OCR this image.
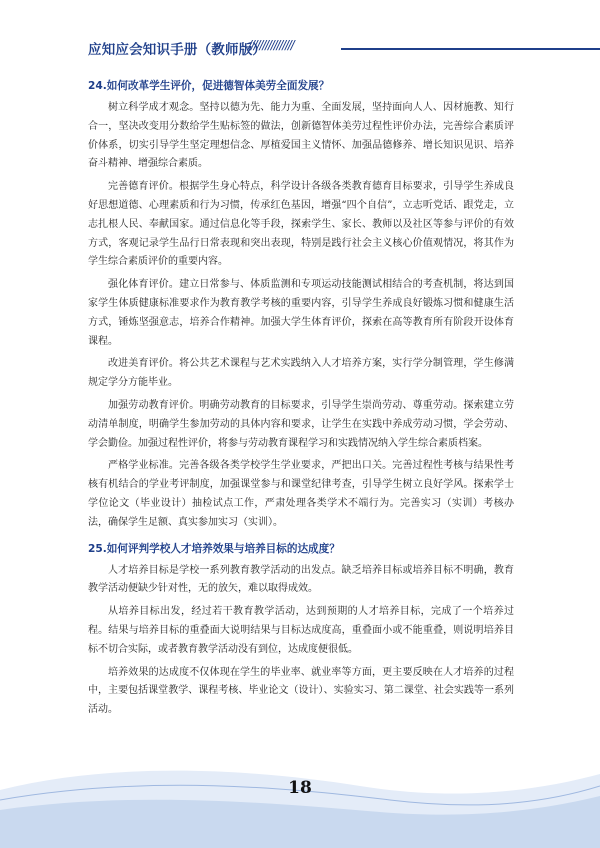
应知应会知识手册（教师版）
////////////////
24.如何改革学生评价，促进德智体美劳全面发展？

树立科学成才观念。坚持以德为先、能力为重、全面发展，坚持面向人人、因材施教、知行合一，坚决改变用分数给学生贴标签的做法，创新德智体美劳过程性评价办法，完善综合素质评价体系，切实引导学生坚定理想信念、厚植爱国主义情怀、加强品德修养、增长知识见识、培养奋斗精神、增强综合素质。

完善德育评价。根据学生身心特点，科学设计各级各类教育德育目标要求，引导学生养成良好思想道德、心理素质和行为习惯，传承红色基因，增强“四个自信”，立志听党话、跟党走，立志扎根人民、奉献国家。通过信息化等手段，探索学生、家长、教师以及社区等参与评价的有效方式，客观记录学生品行日常表现和突出表现，特别是践行社会主义核心价值观情况，将其作为学生综合素质评价的重要内容。

强化体育评价。建立日常参与、体质监测和专项运动技能测试相结合的考查机制，将达到国家学生体质健康标准要求作为教育教学考核的重要内容，引导学生养成良好锻炼习惯和健康生活方式，锤炼坚强意志，培养合作精神。加强大学生体育评价，探索在高等教育所有阶段开设体育课程。

改进美育评价。将公共艺术课程与艺术实践纳入人才培养方案，实行学分制管理，学生修满规定学分方能毕业。

加强劳动教育评价。明确劳动教育的目标要求，引导学生崇尚劳动、尊重劳动。探索建立劳动清单制度，明确学生参加劳动的具体内容和要求，让学生在实践中养成劳动习惯，学会劳动、学会勤俭。加强过程性评价，将参与劳动教育课程学习和实践情况纳入学生综合素质档案。

严格学业标准。完善各级各类学校学生学业要求，严把出口关。完善过程性考核与结果性考核有机结合的学业考评制度，加强课堂参与和课堂纪律考查，引导学生树立良好学风。探索学士学位论文（毕业设计）抽检试点工作，严肃处理各类学术不端行为。完善实习（实训）考核办法，确保学生足额、真实参加实习（实训）。

25.如何评判学校人才培养效果与培养目标的达成度？

人才培养目标是学校一系列教育教学活动的出发点。缺乏培养目标或培养目标不明确，教育教学活动便缺少针对性，无的放矢，难以取得成效。

从培养目标出发，经过若干教育教学活动，达到预期的人才培养目标，完成了一个培养过程。结果与培养目标的重叠面大说明结果与目标达成度高，重叠面小或不能重叠，则说明培养目标不切合实际，或者教育教学活动没有到位，达成度便很低。

培养效果的达成度不仅体现在学生的毕业率、就业率等方面，更主要反映在人才培养的过程中，主要包括课堂教学、课程考核、毕业论文（设计）、实验实习、第二课堂、社会实践等一系列活动。

18
